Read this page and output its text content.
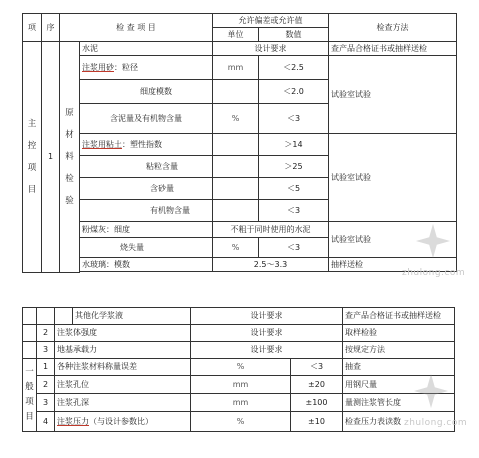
项	序	检 查 项 目		允许偏差或允许值		检查方法
				单位	数值	
主控项目	1	原材料检验	水泥	设计要求		查产品合格证书或抽样送检
			注浆用砂：粒径	mm	＜2.5	试验室试验
			细度模数		＜2.0	
			含泥量及有机物含量	%	＜3	
			注浆用粘土：塑性指数		＞14	试验室试验
			粘粒含量		＞25	
			含砂量		＜5	
			有机物含量		＜3	
			粉煤灰：细度	不粗于同时使用的水泥		试验室试验
			烧失量	%	＜3	
			水玻璃：模数	2.5～3.3		抽样送检

			其他化学浆液	设计要求		查产品合格证书或抽样送检
	2	注浆体强度		设计要求		取样检验
	3	地基承载力		设计要求		按规定方法
一般项目	1	各种注浆材料称量误差		%	＜3	抽查
	2	注浆孔位		mm	±20	用钢尺量
	3	注浆孔深		mm	±100	量测注浆管长度
	4	注浆压力（与设计参数比）		%	±10	检查压力表读数
zhulong.com
zhulong.com
